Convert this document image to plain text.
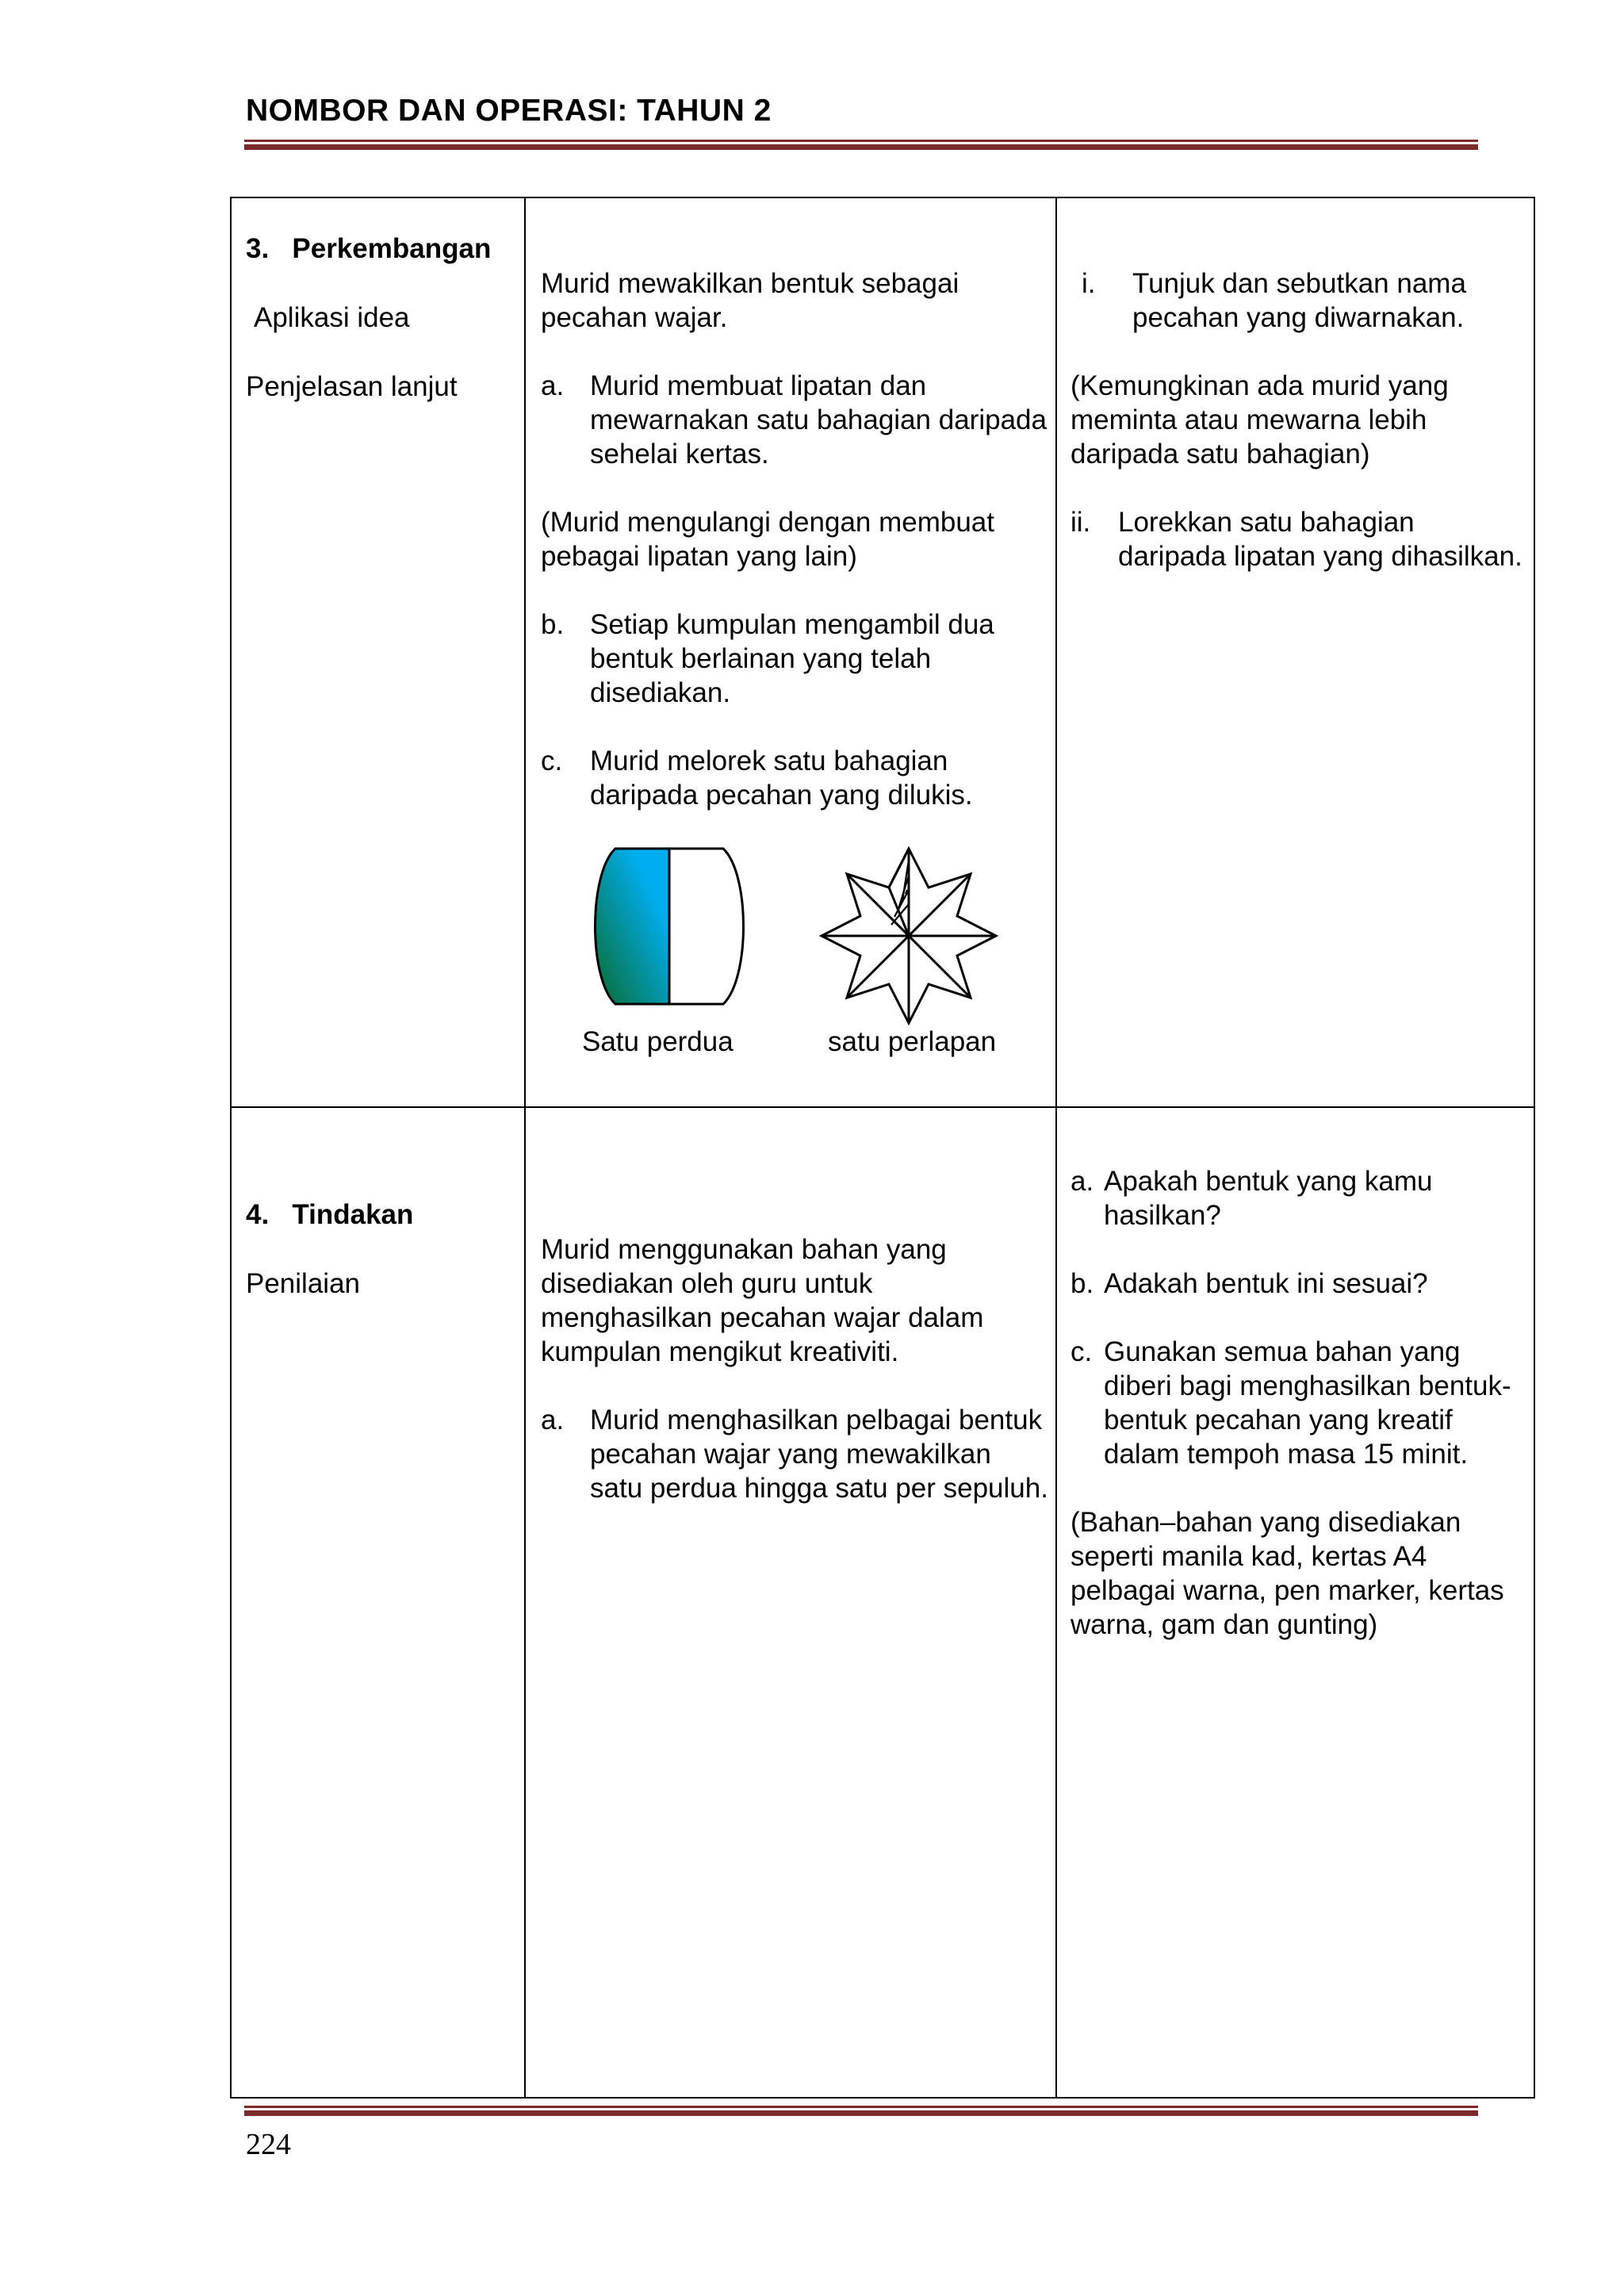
NOMBOR DAN OPERASI: TAHUN 2

3. Perkembangan

Aplikasi idea

Penjelasan lanjut

Murid mewakilkan bentuk sebagai pecahan wajar.

a. Murid membuat lipatan dan mewarnakan satu bahagian daripada sehelai kertas.

(Murid mengulangi dengan membuat pebagai lipatan yang lain)

b. Setiap kumpulan mengambil dua bentuk berlainan yang telah disediakan.

c. Murid melorek satu bahagian daripada pecahan yang dilukis.

Satu perdua	satu perlapan

i. Tunjuk dan sebutkan nama pecahan yang diwarnakan.

(Kemungkinan ada murid yang meminta atau mewarna lebih daripada satu bahagian)

ii. Lorekkan satu bahagian daripada lipatan yang dihasilkan.

4. Tindakan

Penilaian

Murid menggunakan bahan yang disediakan oleh guru untuk menghasilkan pecahan wajar dalam kumpulan mengikut kreativiti.

a. Murid menghasilkan pelbagai bentuk pecahan wajar yang mewakilkan satu perdua hingga satu per sepuluh.

a. Apakah bentuk yang kamu hasilkan?

b. Adakah bentuk ini sesuai?

c. Gunakan semua bahan yang diberi bagi menghasilkan bentuk-bentuk pecahan yang kreatif dalam tempoh masa 15 minit.

(Bahan–bahan yang disediakan seperti manila kad, kertas A4 pelbagai warna, pen marker, kertas warna, gam dan gunting)

224
